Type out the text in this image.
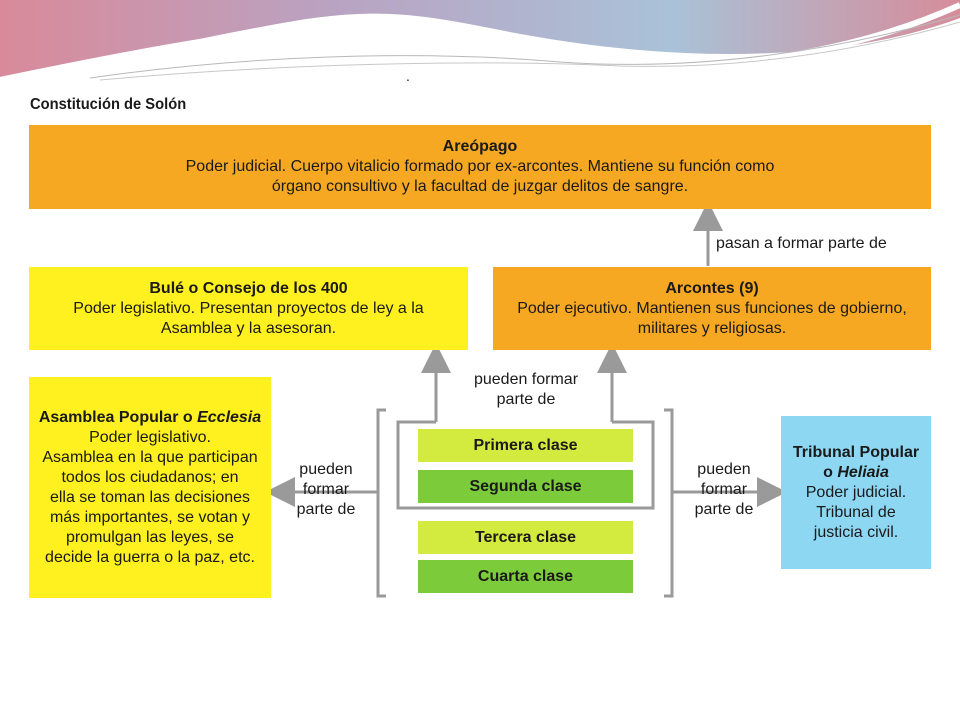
.
Constitución de Solón
Areópago
Poder judicial. Cuerpo vitalicio formado por ex-arcontes. Mantiene su función como
órgano consultivo y la facultad de juzgar delitos de sangre.
pasan a formar parte de
Bulé o Consejo de los 400
Poder legislativo. Presentan proyectos de ley a la
Asamblea y la asesoran.
Arcontes (9)
Poder ejecutivo. Mantienen sus funciones de gobierno,
militares y religiosas.
pueden formar
parte de
Asamblea Popular o Ecclesia
Poder legislativo.
Asamblea en la que participan
todos los ciudadanos; en
ella se toman las decisiones
más importantes, se votan y
promulgan las leyes, se
decide la guerra o la paz, etc.
pueden
formar
parte de
Primera clase
Segunda clase
Tercera clase
Cuarta clase
pueden
formar
parte de
Tribunal Popular
o Heliaia
Poder judicial.
Tribunal de
justicia civil.
